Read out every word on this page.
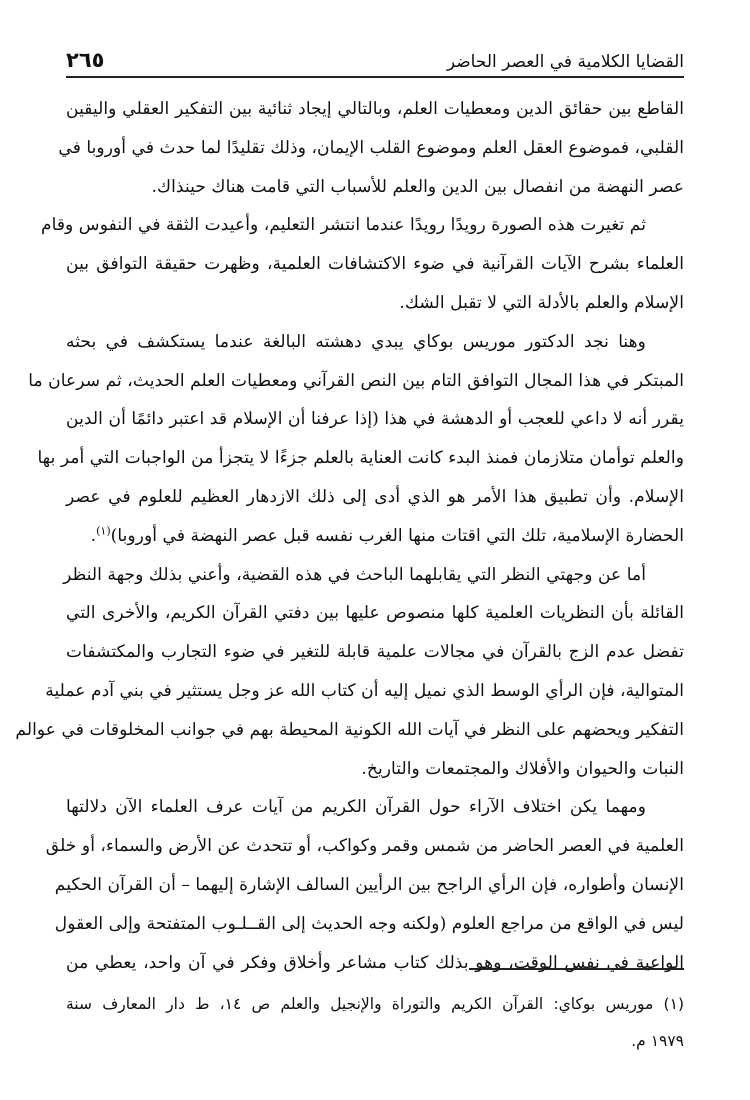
القضايا الكلامية في العصر الحاضر
٢٦٥

القاطع بين حقائق الدين ومعطيات العلم، وبالتالي إيجاد ثنائية بين التفكير العقلي واليقين
القلبي، فموضوع العقل العلم وموضوع القلب الإيمان، وذلك تقليدًا لما حدث في أوروبا في
عصر النهضة من انفصال بين الدين والعلم للأسباب التي قامت هناك حينذاك.

ثم تغيرت هذه الصورة رويدًا رويدًا عندما انتشر التعليم، وأعيدت الثقة في النفوس وقام
العلماء بشرح الآيات القرآنية في ضوء الاكتشافات العلمية، وظهرت حقيقة التوافق بين
الإسلام والعلم بالأدلة التي لا تقبل الشك.

وهنا نجد الدكتور موريس بوكاي يبدي دهشته البالغة عندما يستكشف في بحثه
المبتكر في هذا المجال التوافق التام بين النص القرآني ومعطيات العلم الحديث، ثم سرعان ما
يقرر أنه لا داعي للعجب أو الدهشة في هذا (إذا عرفنا أن الإسلام قد اعتبر دائمًا أن الدين
والعلم توأمان متلازمان فمنذ البدء كانت العناية بالعلم جزءًا لا يتجزأ من الواجبات التي أمر بها
الإسلام. وأن تطبيق هذا الأمر هو الذي أدى إلى ذلك الازدهار العظيم للعلوم في عصر
الحضارة الإسلامية، تلك التي اقتات منها الغرب نفسه قبل عصر النهضة في أوروبا)$^{(١)}$.

أما عن وجهتي النظر التي يقابلهما الباحث في هذه القضية، وأعني بذلك وجهة النظر
القائلة بأن النظريات العلمية كلها منصوص عليها بين دفتي القرآن الكريم، والأخرى التي
تفضل عدم الزج بالقرآن في مجالات علمية قابلة للتغير في ضوء التجارب والمكتشفات
المتوالية، فإن الرأي الوسط الذي نميل إليه أن كتاب الله عز وجل يستثير في بني آدم عملية
التفكير ويحضهم على النظر في آيات الله الكونية المحيطة بهم في جوانب المخلوقات في عوالم
النبات والحيوان والأفلاك والمجتمعات والتاريخ.

ومهما يكن اختلاف الآراء حول القرآن الكريم من آيات عرف العلماء الآن دلالتها
العلمية في العصر الحاضر من شمس وقمر وكواكب، أو تتحدث عن الأرض والسماء، أو خلق
الإنسان وأطواره، فإن الرأي الراجح بين الرأيين السالف الإشارة إليهما – أن القرآن الحكيم
ليس في الواقع من مراجع العلوم (ولكنه وجه الحديث إلى القــلـوب المتفتحة وإلى العقول
الواعية في نفس الوقت، وهو بذلك كتاب مشاعر وأخلاق وفكر في آن واحد، يعطي من

(١) موريس بوكاي: القرآن الكريم والتوراة والإنجيل والعلم ص ١٤، ط دار المعارف سنة
١٩٧٩ م.
